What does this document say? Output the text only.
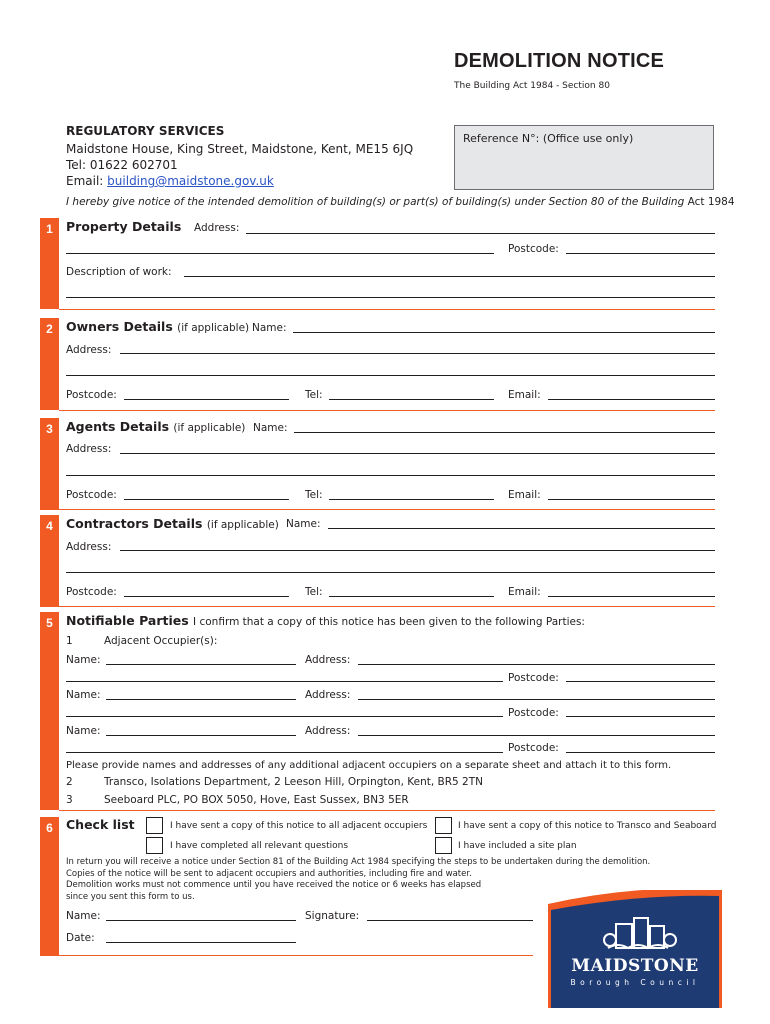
DEMOLITION NOTICE
The Building Act 1984 - Section 80
REGULATORY SERVICES
Maidstone House, King Street, Maidstone, Kent, ME15 6JQ
Tel: 01622 602701
Email: building@maidstone.gov.uk
Reference N°: (Office use only)
I hereby give notice of the intended demolition of building(s) or part(s) of building(s) under Section 80 of the Building Act 1984
1	Property Details Address:
Postcode:
Description of work:
2	Owners Details (if applicable) Name:
Address:
Postcode:	Tel:	Email:
3	Agents Details (if applicable) Name:
Address:
Postcode:	Tel:	Email:
4	Contractors Details (if applicable) Name:
Address:
Postcode:	Tel:	Email:
5	Notifiable Parties I confirm that a copy of this notice has been given to the following Parties:
1	Adjacent Occupier(s):
Name:	Address:
Postcode:
Name:	Address:
Postcode:
Name:	Address:
Postcode:
Please provide names and addresses of any additional adjacent occupiers on a separate sheet and attach it to this form.
2	Transco, Isolations Department, 2 Leeson Hill, Orpington, Kent, BR5 2TN
3	Seeboard PLC, PO BOX 5050, Hove, East Sussex, BN3 5ER
6	Check list	I have sent a copy of this notice to all adjacent occupiers	I have sent a copy of this notice to Transco and Seaboard
I have completed all relevant questions	I have included a site plan
In return you will receive a notice under Section 81 of the Building Act 1984 specifying the steps to be undertaken during the demolition.
Copies of the notice will be sent to adjacent occupiers and authorities, including fire and water.
Demolition works must not commence until you have received the notice or 6 weeks has elapsed
since you sent this form to us.
Name:	Signature:
Date:
MAIDSTONE
Borough Council
